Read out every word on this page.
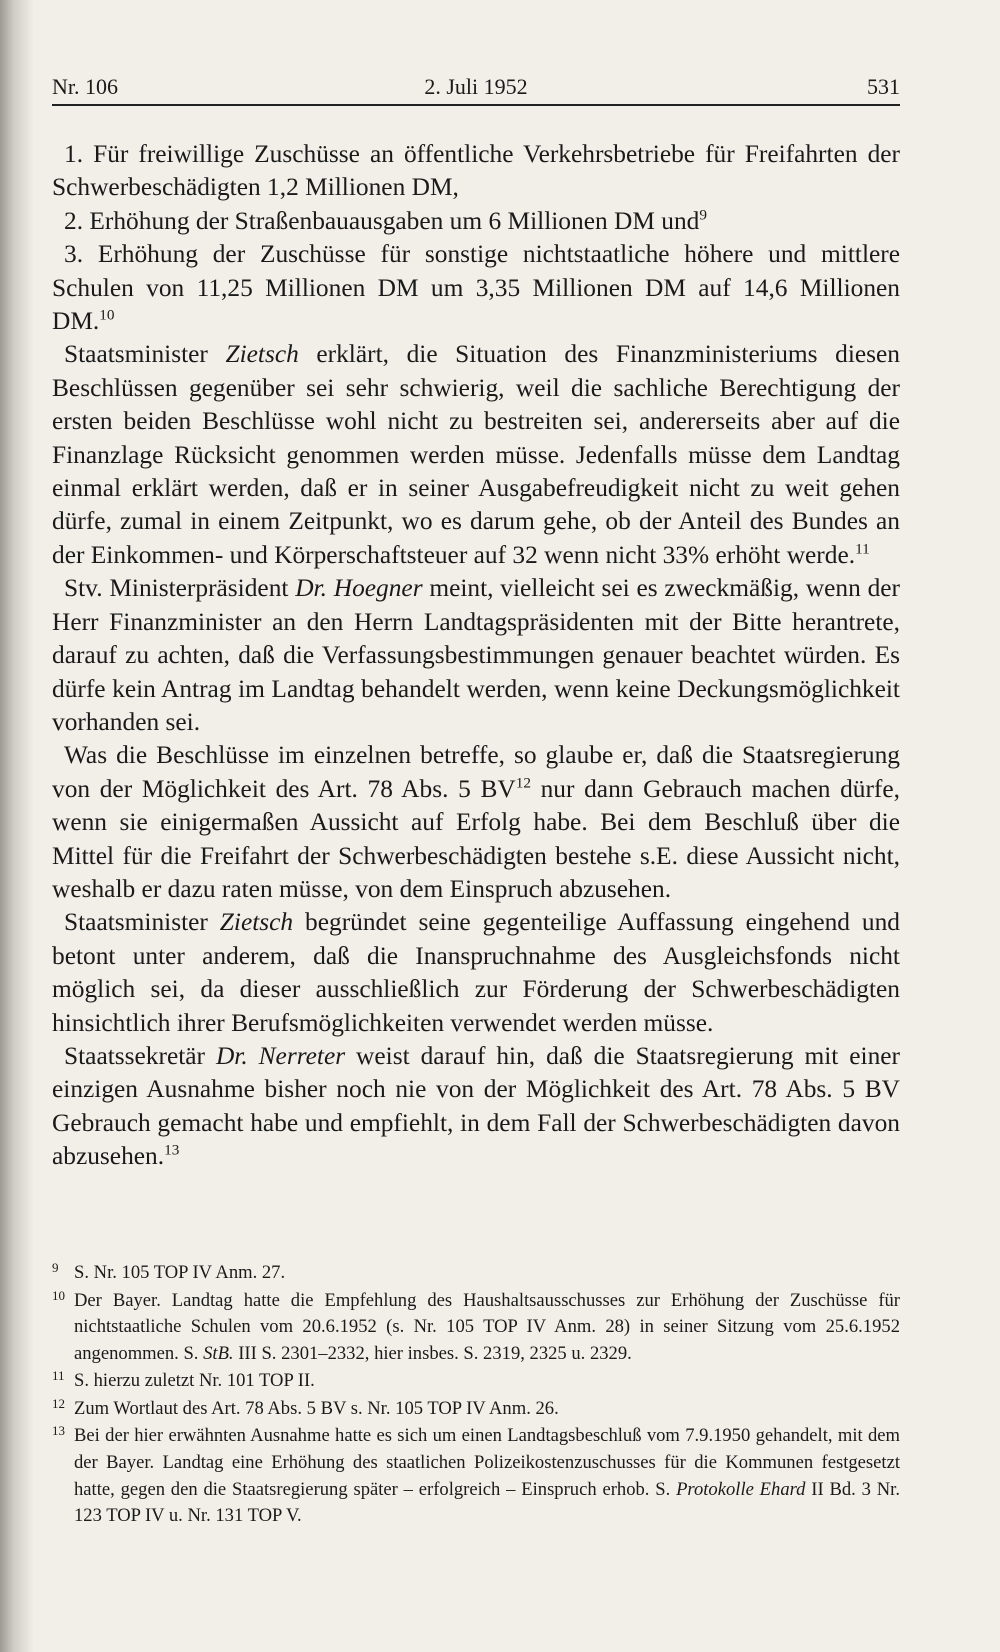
Nr. 106	2. Juli 1952	531

1. Für freiwillige Zuschüsse an öffentliche Verkehrsbetriebe für Freifahrten der Schwerbeschädigten 1,2 Millionen DM,

2. Erhöhung der Straßenbauausgaben um 6 Millionen DM und$^9$

3. Erhöhung der Zuschüsse für sonstige nichtstaatliche höhere und mittlere Schulen von 11,25 Millionen DM um 3,35 Millionen DM auf 14,6 Millionen DM.$^{10}$

Staatsminister Zietsch erklärt, die Situation des Finanzministeriums diesen Beschlüssen gegenüber sei sehr schwierig, weil die sachliche Berechtigung der ersten beiden Beschlüsse wohl nicht zu bestreiten sei, andererseits aber auf die Finanzlage Rücksicht genommen werden müsse. Jedenfalls müsse dem Landtag einmal erklärt werden, daß er in seiner Ausgabefreudigkeit nicht zu weit gehen dürfe, zumal in einem Zeitpunkt, wo es darum gehe, ob der Anteil des Bundes an der Einkommen- und Körperschaftsteuer auf 32 wenn nicht 33% erhöht werde.$^{11}$

Stv. Ministerpräsident Dr. Hoegner meint, vielleicht sei es zweckmäßig, wenn der Herr Finanzminister an den Herrn Landtagspräsidenten mit der Bitte herantrete, darauf zu achten, daß die Verfassungsbestimmungen genauer beachtet würden. Es dürfe kein Antrag im Landtag behandelt werden, wenn keine Deckungsmöglichkeit vorhanden sei.

Was die Beschlüsse im einzelnen betreffe, so glaube er, daß die Staatsregierung von der Möglichkeit des Art. 78 Abs. 5 BV$^{12}$ nur dann Gebrauch machen dürfe, wenn sie einigermaßen Aussicht auf Erfolg habe. Bei dem Beschluß über die Mittel für die Freifahrt der Schwerbeschädigten bestehe s.E. diese Aussicht nicht, weshalb er dazu raten müsse, von dem Einspruch abzusehen.

Staatsminister Zietsch begründet seine gegenteilige Auffassung eingehend und betont unter anderem, daß die Inanspruchnahme des Ausgleichsfonds nicht möglich sei, da dieser ausschließlich zur Förderung der Schwerbeschädigten hinsichtlich ihrer Berufsmöglichkeiten verwendet werden müsse.

Staatssekretär Dr. Nerreter weist darauf hin, daß die Staatsregierung mit einer einzigen Ausnahme bisher noch nie von der Möglichkeit des Art. 78 Abs. 5 BV Gebrauch gemacht habe und empfiehlt, in dem Fall der Schwerbeschädigten davon abzusehen.$^{13}$

9 S. Nr. 105 TOP IV Anm. 27.
10 Der Bayer. Landtag hatte die Empfehlung des Haushaltsausschusses zur Erhöhung der Zuschüsse für nichtstaatliche Schulen vom 20.6.1952 (s. Nr. 105 TOP IV Anm. 28) in seiner Sitzung vom 25.6.1952 angenommen. S. StB. III S. 2301–2332, hier insbes. S. 2319, 2325 u. 2329.
11 S. hierzu zuletzt Nr. 101 TOP II.
12 Zum Wortlaut des Art. 78 Abs. 5 BV s. Nr. 105 TOP IV Anm. 26.
13 Bei der hier erwähnten Ausnahme hatte es sich um einen Landtagsbeschluß vom 7.9.1950 gehandelt, mit dem der Bayer. Landtag eine Erhöhung des staatlichen Polizeikostenzuschusses für die Kommunen festgesetzt hatte, gegen den die Staatsregierung später – erfolgreich – Einspruch erhob. S. Protokolle Ehard II Bd. 3 Nr. 123 TOP IV u. Nr. 131 TOP V.
